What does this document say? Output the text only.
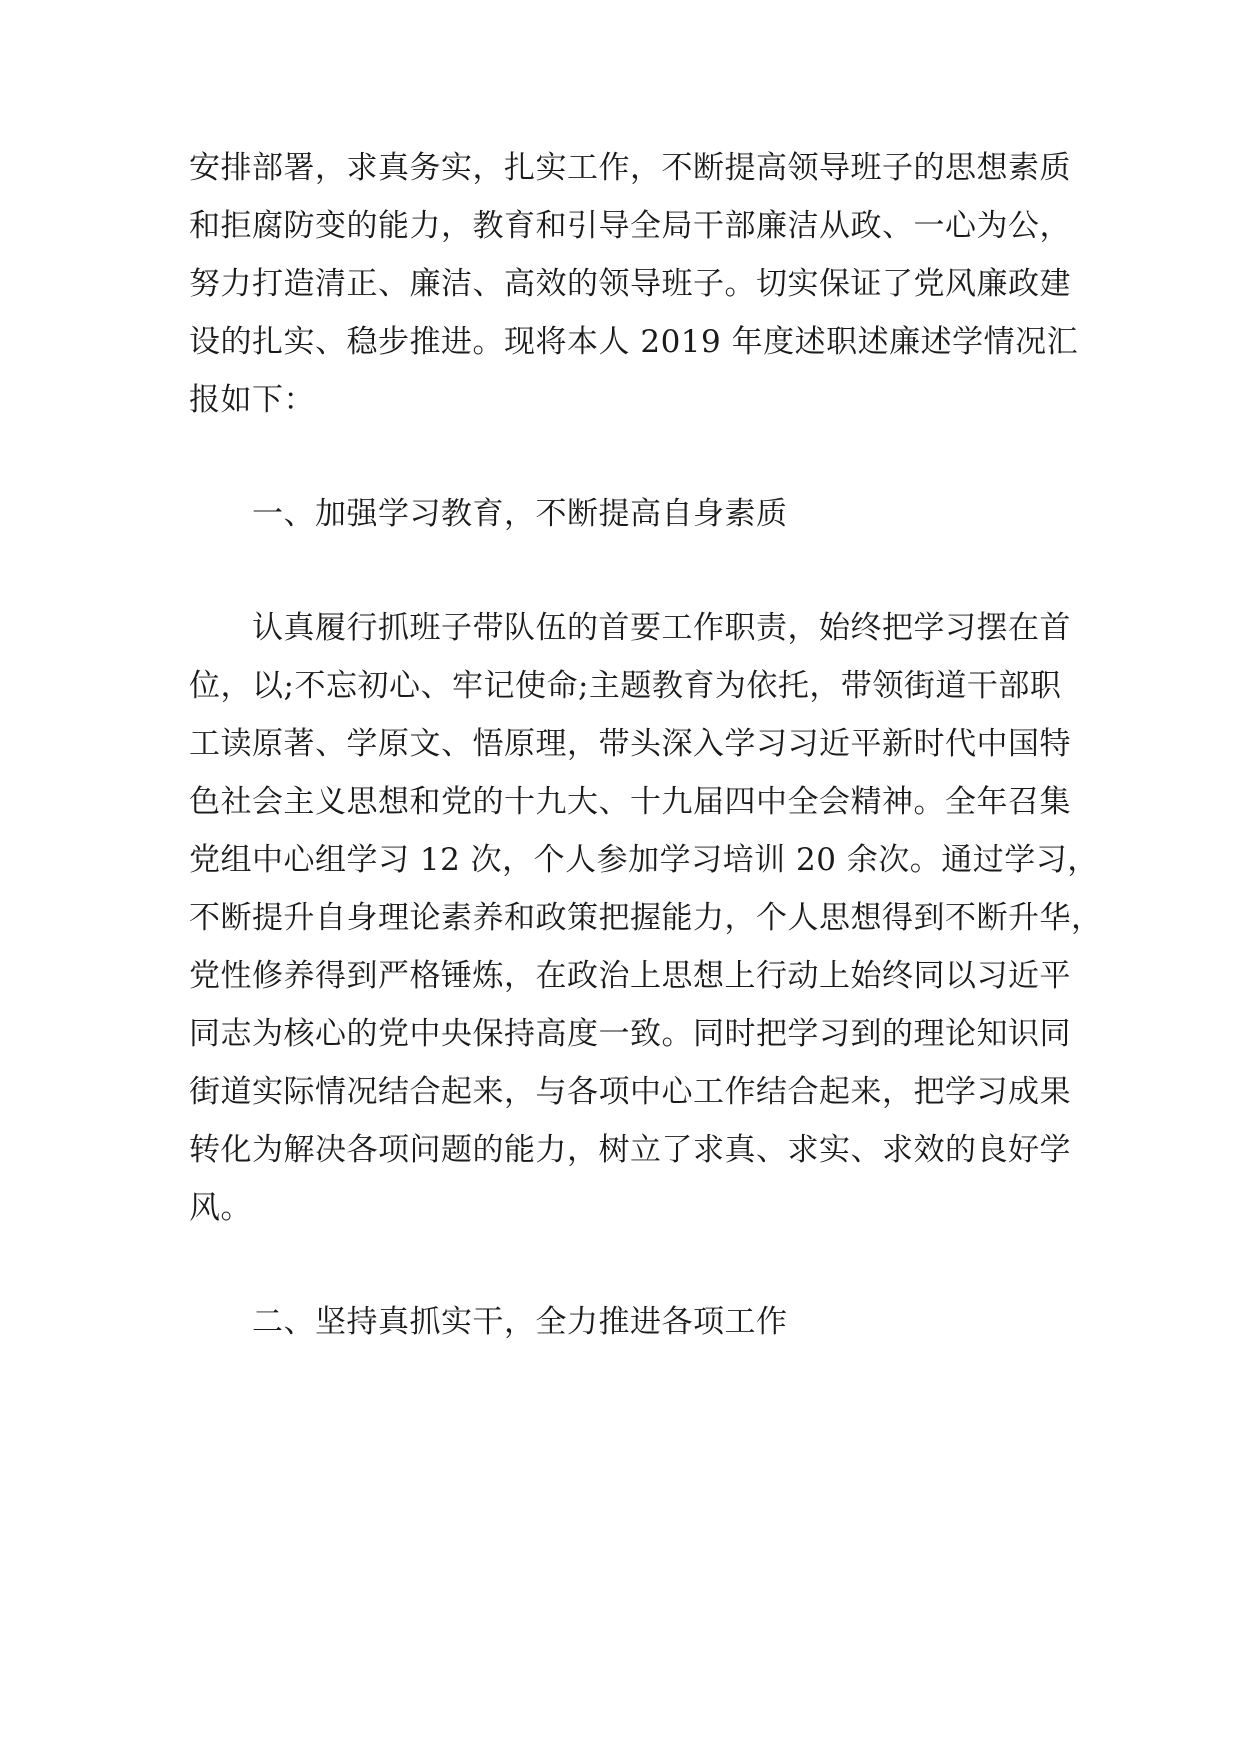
安排部署，求真务实，扎实工作，不断提高领导班子的思想素质
和拒腐防变的能力，教育和引导全局干部廉洁从政、一心为公，
努力打造清正、廉洁、高效的领导班子。切实保证了党风廉政建
设的扎实、稳步推进。现将本人 2019 年度述职述廉述学情况汇
报如下：
一、加强学习教育，不断提高自身素质
认真履行抓班子带队伍的首要工作职责，始终把学习摆在首
位，以;不忘初心、牢记使命;主题教育为依托，带领街道干部职
工读原著、学原文、悟原理，带头深入学习习近平新时代中国特
色社会主义思想和党的十九大、十九届四中全会精神。全年召集
党组中心组学习 12 次，个人参加学习培训 20 余次。通过学习，
不断提升自身理论素养和政策把握能力，个人思想得到不断升华，
党性修养得到严格锤炼，在政治上思想上行动上始终同以习近平
同志为核心的党中央保持高度一致。同时把学习到的理论知识同
街道实际情况结合起来，与各项中心工作结合起来，把学习成果
转化为解决各项问题的能力，树立了求真、求实、求效的良好学
风。
二、坚持真抓实干，全力推进各项工作
